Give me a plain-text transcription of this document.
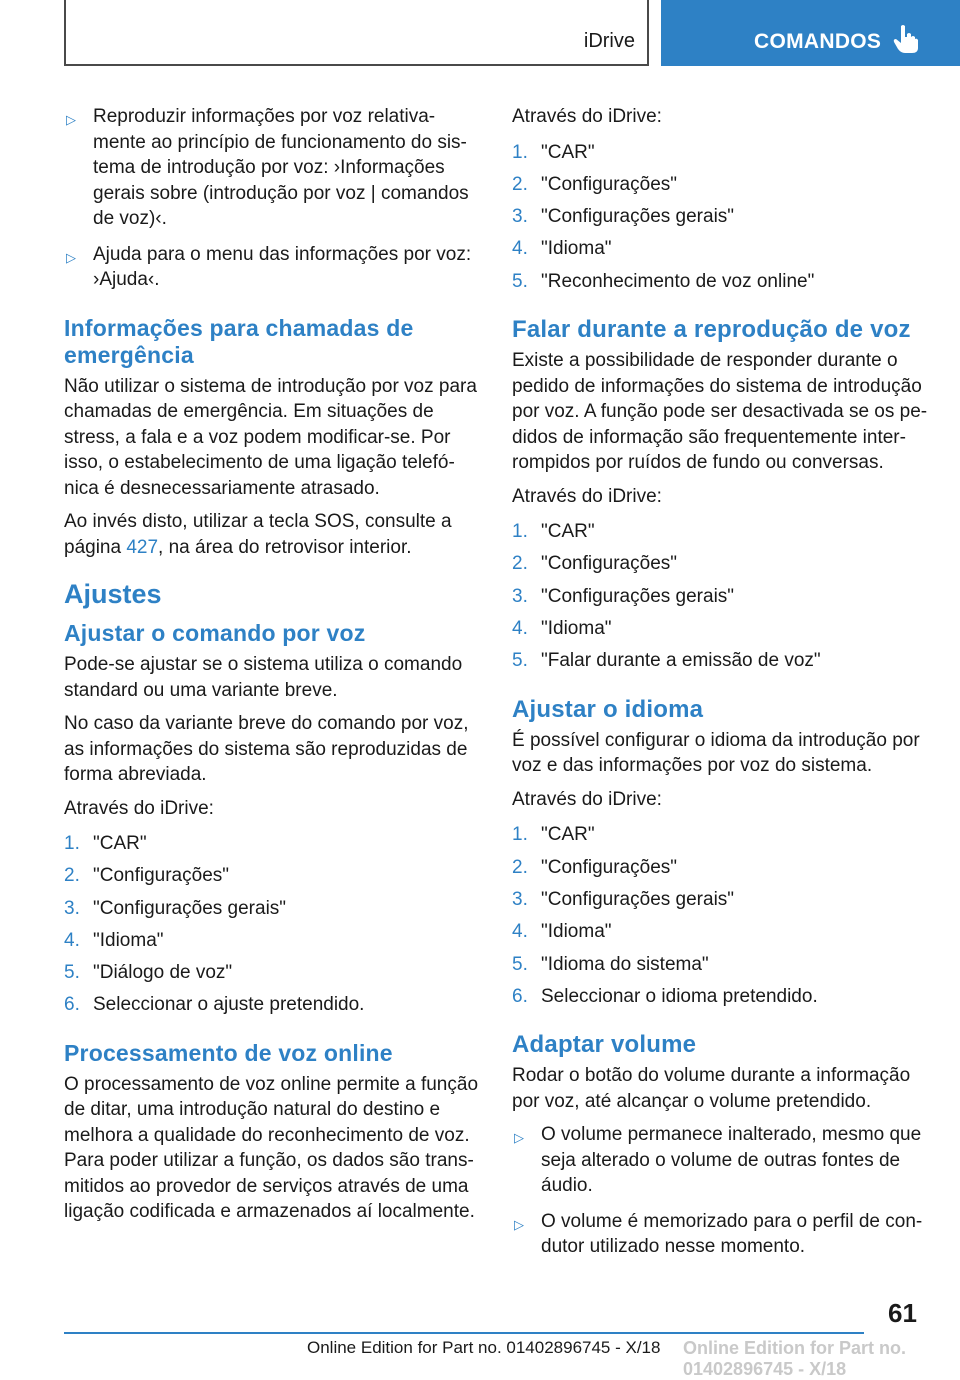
iDrive	COMANDOS
▷ Reproduzir informações por voz relativa-mente ao princípio de funcionamento do sis-tema de introdução por voz: ›Informações gerais sobre (introdução por voz | comandos de voz)‹.
▷ Ajuda para o menu das informações por voz: ›Ajuda‹.
Informações para chamadas de emergência

Não utilizar o sistema de introdução por voz para chamadas de emergência. Em situações de stress, a fala e a voz podem modificar-se. Por isso, o estabelecimento de uma ligação telefó-nica é desnecessariamente atrasado.

Ao invés disto, utilizar a tecla SOS, consulte a página 427, na área do retrovisor interior.

Ajustes
Ajustar o comando por voz

Pode-se ajustar se o sistema utiliza o comando standard ou uma variante breve.

No caso da variante breve do comando por voz, as informações do sistema são reproduzidas de forma abreviada.

Através do iDrive:

1. "CAR"
2. "Configurações"
3. "Configurações gerais"
4. "Idioma"
5. "Diálogo de voz"
6. Seleccionar o ajuste pretendido.
Processamento de voz online

O processamento de voz online permite a função de ditar, uma introdução natural do destino e melhora a qualidade do reconhecimento de voz. Para poder utilizar a função, os dados são trans-mitidos ao provedor de serviços através de uma ligação codificada e armazenados aí localmente.

Através do iDrive:

1. "CAR"
2. "Configurações"
3. "Configurações gerais"
4. "Idioma"
5. "Reconhecimento de voz online"
Falar durante a reprodução de voz

Existe a possibilidade de responder durante o pedido de informações do sistema de introdução por voz. A função pode ser desactivada se os pe-didos de informação são frequentemente inter-rompidos por ruídos de fundo ou conversas.

Através do iDrive:

1. "CAR"
2. "Configurações"
3. "Configurações gerais"
4. "Idioma"
5. "Falar durante a emissão de voz"
Ajustar o idioma

É possível configurar o idioma da introdução por voz e das informações por voz do sistema.

Através do iDrive:

1. "CAR"
2. "Configurações"
3. "Configurações gerais"
4. "Idioma"
5. "Idioma do sistema"
6. Seleccionar o idioma pretendido.
Adaptar volume

Rodar o botão do volume durante a informação por voz, até alcançar o volume pretendido.

▷ O volume permanece inalterado, mesmo que seja alterado o volume de outras fontes de áudio.
▷ O volume é memorizado para o perfil de con-dutor utilizado nesse momento.
61
Online Edition for Part no. 01402896745 - X/18 Online Edition for Part no. 01402896745 - X/18
